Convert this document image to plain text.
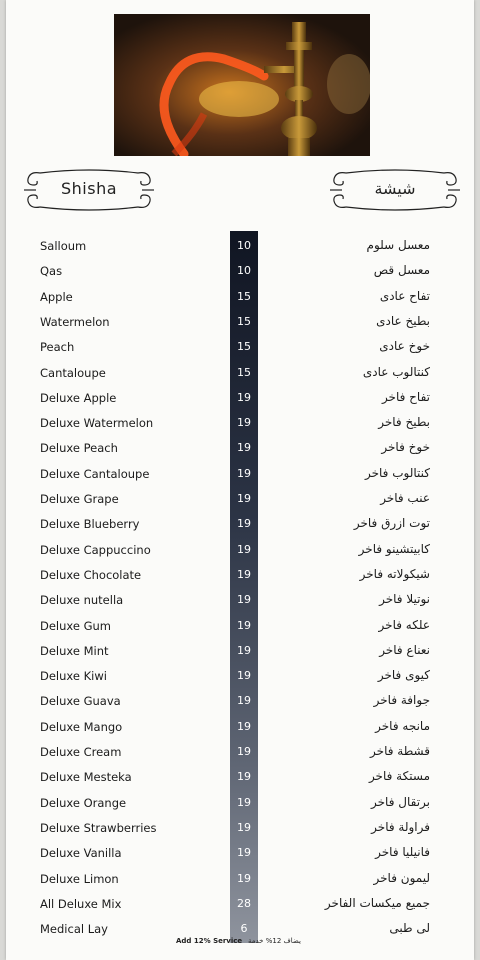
Shisha	شيشة
Salloum	10	معسل سلوم
Qas	10	معسل قص
Apple	15	تفاح عادى
Watermelon	15	بطيخ عادى
Peach	15	خوخ عادى
Cantaloupe	15	كنتالوب عادى
Deluxe Apple	19	تفاح فاخر
Deluxe Watermelon	19	بطيخ فاخر
Deluxe Peach	19	خوخ فاخر
Deluxe Cantaloupe	19	كنتالوب فاخر
Deluxe Grape	19	عنب فاخر
Deluxe Blueberry	19	توت ازرق فاخر
Deluxe Cappuccino	19	كابيتشينو فاخر
Deluxe Chocolate	19	شيكولاته فاخر
Deluxe nutella	19	نوتيلا فاخر
Deluxe Gum	19	علكه فاخر
Deluxe Mint	19	نعناع فاخر
Deluxe Kiwi	19	كيوى فاخر
Deluxe Guava	19	جوافة فاخر
Deluxe Mango	19	مانجه فاخر
Deluxe Cream	19	قشطة فاخر
Deluxe Mesteka	19	مستكة فاخر
Deluxe Orange	19	برتقال فاخر
Deluxe Strawberries	19	فراولة فاخر
Deluxe Vanilla	19	فانيليا فاخر
Deluxe Limon	19	ليمون فاخر
All Deluxe Mix	28	جميع ميكسات الفاخر
Medical Lay	6	لى طبى
Add 12% Service يضاف 12% خدمة
